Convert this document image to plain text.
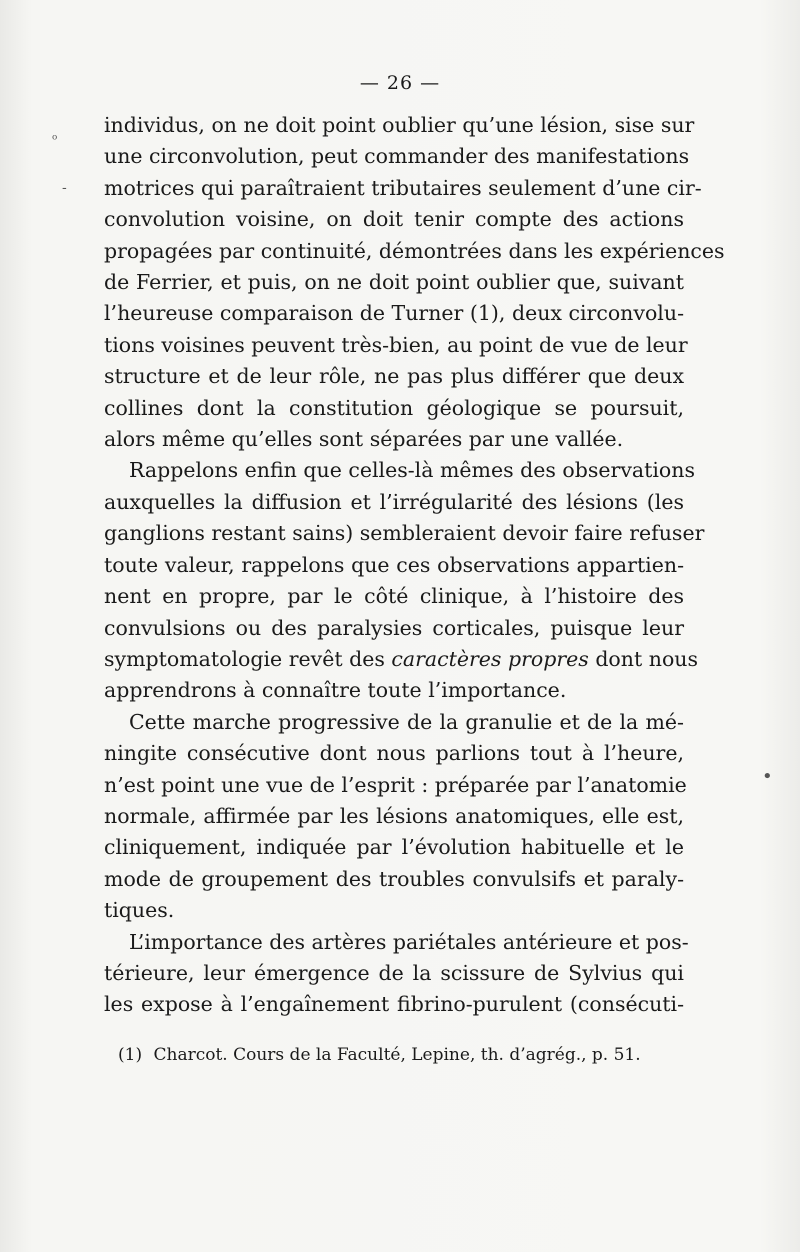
— 26 —

individus, on ne doit point oublier qu’une lésion, sise sur

une circonvolution, peut commander des manifestations

motrices qui paraîtraient tributaires seulement d’une cir-

convolution voisine, on doit tenir compte des actions

propagées par continuité, démontrées dans les expériences

de Ferrier, et puis, on ne doit point oublier que, suivant

l’heureuse comparaison de Turner (1), deux circonvolu-

tions voisines peuvent très-bien, au point de vue de leur

structure et de leur rôle, ne pas plus différer que deux

collines dont la constitution géologique se poursuit,

alors même qu’elles sont séparées par une vallée.

Rappelons enfin que celles-là mêmes des observations

auxquelles la diffusion et l’irrégularité des lésions (les

ganglions restant sains) sembleraient devoir faire refuser

toute valeur, rappelons que ces observations appartien-

nent en propre, par le côté clinique, à l’histoire des

convulsions ou des paralysies corticales, puisque leur

symptomatologie revêt des caractères propres dont nous

apprendrons à connaître toute l’importance.

Cette marche progressive de la granulie et de la mé-

ningite consécutive dont nous parlions tout à l’heure,

n’est point une vue de l’esprit : préparée par l’anatomie

normale, affirmée par les lésions anatomiques, elle est,

cliniquement, indiquée par l’évolution habituelle et le

mode de groupement des troubles convulsifs et paraly-

tiques.

L’importance des artères pariétales antérieure et pos-

térieure, leur émergence de la scissure de Sylvius qui

les expose à l’engaînement fibrino-purulent (consécuti-

(1) Charcot. Cours de la Faculté, Lepine, th. d’agrég., p. 51.
ᵒ
-
•
